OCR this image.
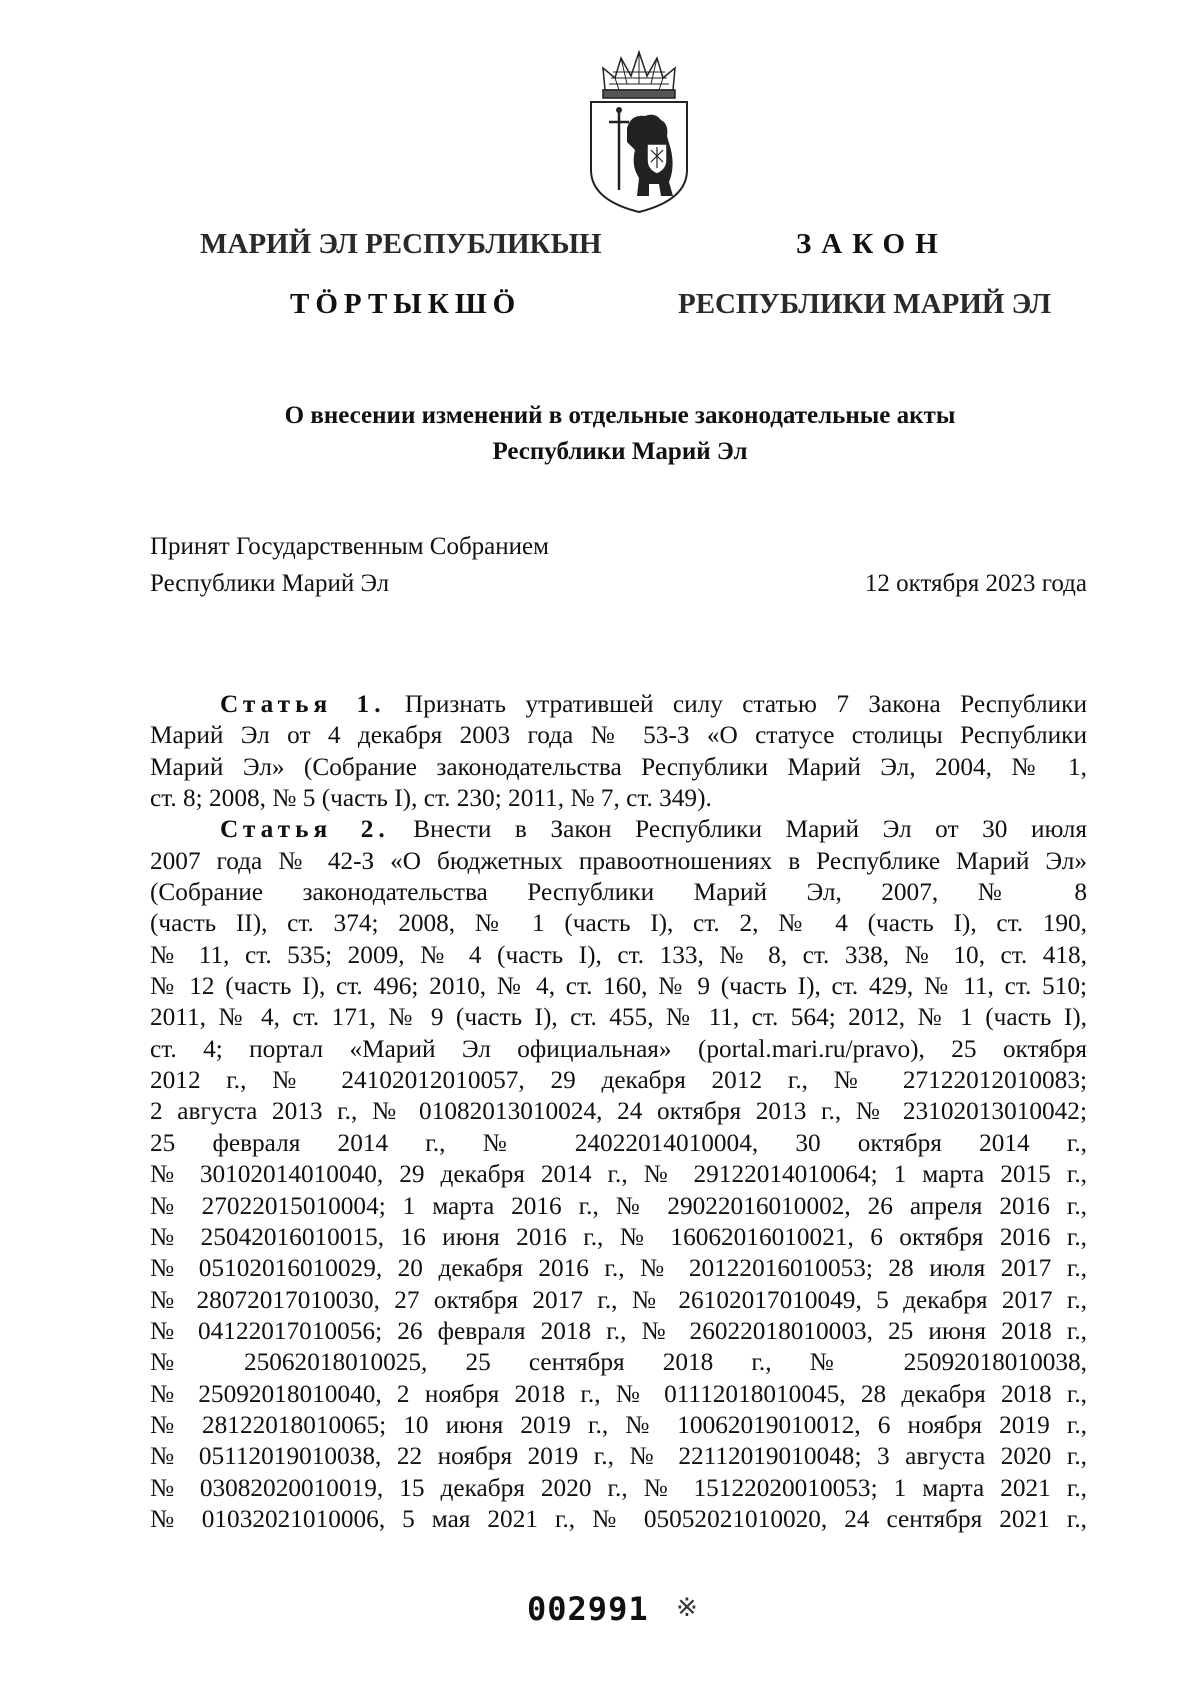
МАРИЙ ЭЛ РЕСПУБЛИКЫН
ТӦРТЫКШӦ
ЗАКОН
РЕСПУБЛИКИ МАРИЙ ЭЛ
О внесении изменений в отдельные законодательные акты
Республики Марий Эл
Принят Государственным Собранием
Республики Марий Эл	12 октября 2023 года
Статья 1. Признать утратившей силу статью 7 Закона Республики
Марий Эл от 4 декабря 2003 года № 53-З «О статусе столицы Республики
Марий Эл» (Собрание законодательства Республики Марий Эл, 2004, № 1,
ст. 8; 2008, № 5 (часть I), ст. 230; 2011, № 7, ст. 349).
Статья 2. Внести в Закон Республики Марий Эл от 30 июля
2007 года № 42-З «О бюджетных правоотношениях в Республике Марий Эл»
(Собрание законодательства Республики Марий Эл, 2007, № 8
(часть II), ст. 374; 2008, № 1 (часть I), ст. 2, № 4 (часть I), ст. 190,
№ 11, ст. 535; 2009, № 4 (часть I), ст. 133, № 8, ст. 338, № 10, ст. 418,
№ 12 (часть I), ст. 496; 2010, № 4, ст. 160, № 9 (часть I), ст. 429, № 11, ст. 510;
2011, № 4, ст. 171, № 9 (часть I), ст. 455, № 11, ст. 564; 2012, № 1 (часть I),
ст. 4; портал «Марий Эл официальная» (portal.mari.ru/pravo), 25 октября
2012 г., № 24102012010057, 29 декабря 2012 г., № 27122012010083;
2 августа 2013 г., № 01082013010024, 24 октября 2013 г., № 23102013010042;
25 февраля 2014 г., № 24022014010004, 30 октября 2014 г.,
№ 30102014010040, 29 декабря 2014 г., № 29122014010064; 1 марта 2015 г.,
№ 27022015010004; 1 марта 2016 г., № 29022016010002, 26 апреля 2016 г.,
№ 25042016010015, 16 июня 2016 г., № 16062016010021, 6 октября 2016 г.,
№ 05102016010029, 20 декабря 2016 г., № 20122016010053; 28 июля 2017 г.,
№ 28072017010030, 27 октября 2017 г., № 26102017010049, 5 декабря 2017 г.,
№ 04122017010056; 26 февраля 2018 г., № 26022018010003, 25 июня 2018 г.,
№ 25062018010025, 25 сентября 2018 г., № 25092018010038,
№ 25092018010040, 2 ноября 2018 г., № 01112018010045, 28 декабря 2018 г.,
№ 28122018010065; 10 июня 2019 г., № 10062019010012, 6 ноября 2019 г.,
№ 05112019010038, 22 ноября 2019 г., № 22112019010048; 3 августа 2020 г.,
№ 03082020010019, 15 декабря 2020 г., № 15122020010053; 1 марта 2021 г.,
№ 01032021010006, 5 мая 2021 г., № 05052021010020, 24 сентября 2021 г.,
002991 ※
